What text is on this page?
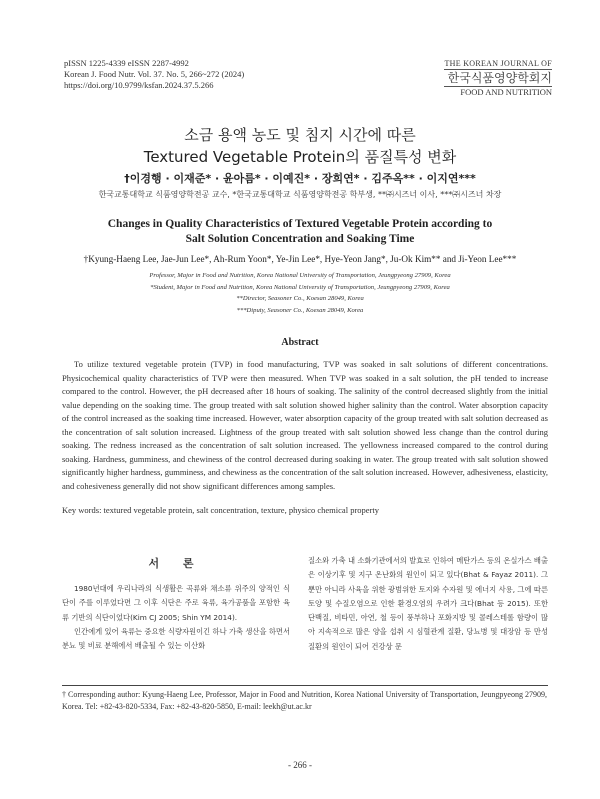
pISSN 1225-4339 eISSN 2287-4992
Korean J. Food Nutr. Vol. 37. No. 5, 266~272 (2024)
https://doi.org/10.9799/ksfan.2024.37.5.266
THE KOREAN JOURNAL OF
한국식품영양학회지
FOOD AND NUTRITION
소금 용액 농도 및 침지 시간에 따른
Textured Vegetable Protein의 품질특성 변화
†이경행 · 이재준* · 윤아름* · 이예진* · 장희연* · 김주옥** · 이지연***
한국교통대학교 식품영양학전공 교수, *한국교통대학교 식품영양학전공 학부생, **㈜시즈너 이사, ***㈜시즈너 차장
Changes in Quality Characteristics of Textured Vegetable Protein according to
Salt Solution Concentration and Soaking Time
†Kyung-Haeng Lee, Jae-Jun Lee*, Ah-Rum Yoon*, Ye-Jin Lee*, Hye-Yeon Jang*, Ju-Ok Kim** and Ji-Yeon Lee***
Professor, Major in Food and Nutrition, Korea National University of Transportation, Jeungpyeong 27909, Korea
*Student, Major in Food and Nutrition, Korea National University of Transportation, Jeungpyeong 27909, Korea
**Director, Seasoner Co., Koesan 28049, Korea
***Diputy, Seasoner Co., Koesan 28049, Korea
Abstract
To utilize textured vegetable protein (TVP) in food manufacturing, TVP was soaked in salt solutions of different concentrations. Physicochemical quality characteristics of TVP were then measured. When TVP was soaked in a salt solution, the pH tended to increase compared to the control. However, the pH decreased after 18 hours of soaking. The salinity of the control decreased slightly from the initial value depending on the soaking time. The group treated with salt solution showed higher salinity than the control. Water absorption capacity of the control increased as the soaking time increased. However, water absorption capacity of the group treated with salt solution decreased as the concentration of salt solution increased. Lightness of the group treated with salt solution showed less change than the control during soaking. The redness increased as the concentration of salt solution increased. The yellowness increased compared to the control during soaking. Hardness, gumminess, and chewiness of the control decreased during soaking in water. The group treated with salt solution showed significantly higher hardness, gumminess, and chewiness as the concentration of the salt solution increased. However, adhesiveness, elasticity, and cohesiveness generally did not show significant differences among samples.
Key words: textured vegetable protein, salt concentration, texture, physico chemical property
서 론

1980년대에 우리나라의 식생활은 곡류와 채소류 위주의 양적인 식단이 주를 이루었다면 그 이후 식단은 주로 육류, 육가공품을 포함한 육류 기반의 식단이었다(Kim CJ 2005; Shin YM 2014).

인간에게 있어 육류는 중요한 식량자원이긴 하나 가축 생산을 하면서 분뇨 및 비료 분해에서 배출될 수 있는 이산화

질소와 가축 내 소화기관에서의 발효로 인하여 메탄가스 등의 온실가스 배출은 이상기후 및 지구 온난화의 원인이 되고 있다(Bhat & Fayaz 2011). 그뿐만 아니라 사육을 위한 광범위한 토지와 수자원 및 에너지 사용, 그에 따른 토양 및 수질오염으로 인한 환경오염의 우려가 크다(Bhat 등 2015). 또한 단백질, 비타민, 아연, 철 등이 풍부하나 포화지방 및 콜레스테롤 함량이 많아 지속적으로 많은 양을 섭취 시 심혈관계 질환, 당뇨병 및 대장암 등 만성질환의 원인이 되어 건강상 문

† Corresponding author: Kyung-Haeng Lee, Professor, Major in Food and Nutrition, Korea National University of Transportation, Jeungpyeong 27909, Korea. Tel: +82-43-820-5334, Fax: +82-43-820-5850, E-mail: leekh@ut.ac.kr
- 266 -
